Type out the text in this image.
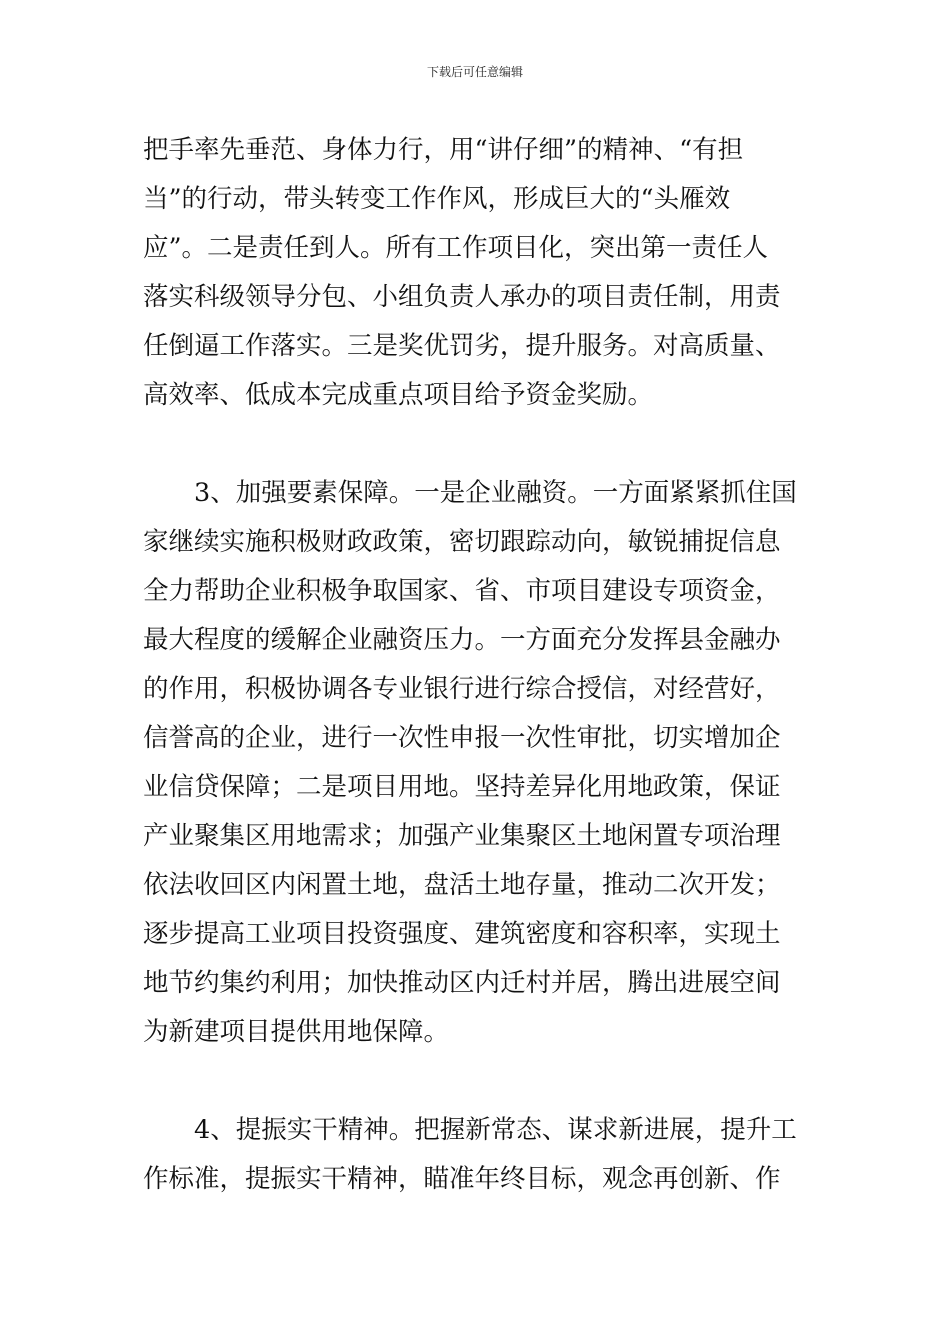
下载后可任意编辑
把手率先垂范、身体力行，用“讲仔细”的精神、“有担
当”的行动，带头转变工作作风，形成巨大的“头雁效
应”。二是责任到人。所有工作项目化，突出第一责任人
落实科级领导分包、小组负责人承办的项目责任制，用责
任倒逼工作落实。三是奖优罚劣，提升服务。对高质量、
高效率、低成本完成重点项目给予资金奖励。
3、加强要素保障。一是企业融资。一方面紧紧抓住国
家继续实施积极财政政策，密切跟踪动向，敏锐捕捉信息
全力帮助企业积极争取国家、省、市项目建设专项资金，
最大程度的缓解企业融资压力。一方面充分发挥县金融办
的作用，积极协调各专业银行进行综合授信，对经营好，
信誉高的企业，进行一次性申报一次性审批，切实增加企
业信贷保障；二是项目用地。坚持差异化用地政策，保证
产业聚集区用地需求；加强产业集聚区土地闲置专项治理
依法收回区内闲置土地，盘活土地存量，推动二次开发；
逐步提高工业项目投资强度、建筑密度和容积率，实现土
地节约集约利用；加快推动区内迁村并居，腾出进展空间
为新建项目提供用地保障。
4、提振实干精神。把握新常态、谋求新进展，提升工
作标准，提振实干精神，瞄准年终目标，观念再创新、作
